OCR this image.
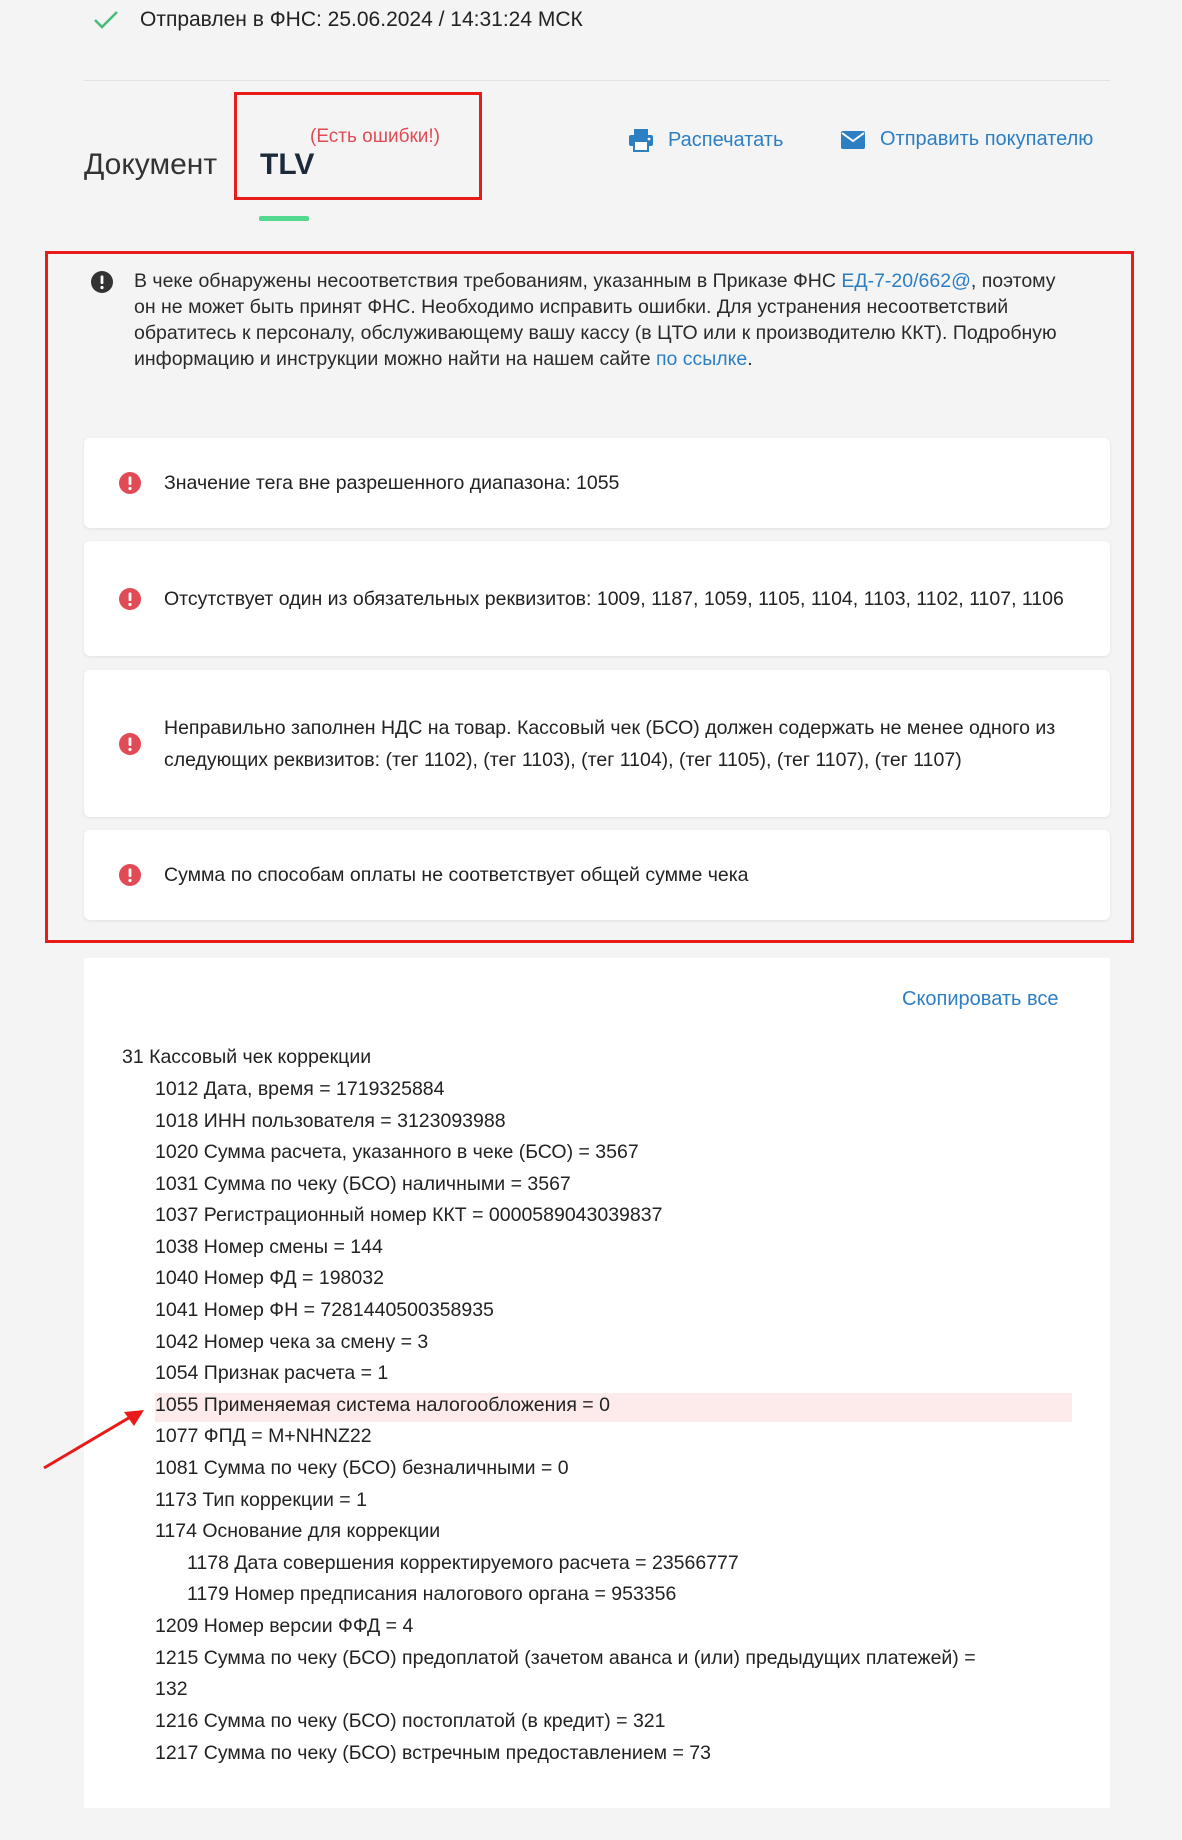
Отправлен в ФНС: 25.06.2024 / 14:31:24 МСК
Документ TLV
(Есть ошибки!)	Распечатать	Отправить покупателю
В чеке обнаружены несоответствия требованиям, указанным в Приказе ФНС ЕД-7-20/662@, поэтому он не может быть принят ФНС. Необходимо исправить ошибки. Для устранения несоответствий обратитесь к персоналу, обслуживающему вашу кассу (в ЦТО или к производителю ККТ). Подробную информацию и инструкции можно найти на нашем сайте по ссылке.
Значение тега вне разрешенного диапазона: 1055
Отсутствует один из обязательных реквизитов: 1009, 1187, 1059, 1105, 1104, 1103, 1102, 1107, 1106
Неправильно заполнен НДС на товар. Кассовый чек (БСО) должен содержать не менее одного из следующих реквизитов: (тег 1102), (тег 1103), (тег 1104), (тег 1105), (тег 1107), (тег 1107)
Сумма по способам оплаты не соответствует общей сумме чека
Скопировать все
31 Кассовый чек коррекции
1012 Дата, время = 1719325884
1018 ИНН пользователя = 3123093988
1020 Сумма расчета, указанного в чеке (БСО) = 3567
1031 Сумма по чеку (БСО) наличными = 3567
1037 Регистрационный номер ККТ = 0000589043039837
1038 Номер смены = 144
1040 Номер ФД = 198032
1041 Номер ФН = 7281440500358935
1042 Номер чека за смену = 3
1054 Признак расчета = 1
1055 Применяемая система налогообложения = 0
1077 ФПД = M+NHNZ22
1081 Сумма по чеку (БСО) безналичными = 0
1173 Тип коррекции = 1
1174 Основание для коррекции
1178 Дата совершения корректируемого расчета = 23566777
1179 Номер предписания налогового органа = 953356
1209 Номер версии ФФД = 4
1215 Сумма по чеку (БСО) предоплатой (зачетом аванса и (или) предыдущих платежей) =
132
1216 Сумма по чеку (БСО) постоплатой (в кредит) = 321
1217 Сумма по чеку (БСО) встречным предоставлением = 73
